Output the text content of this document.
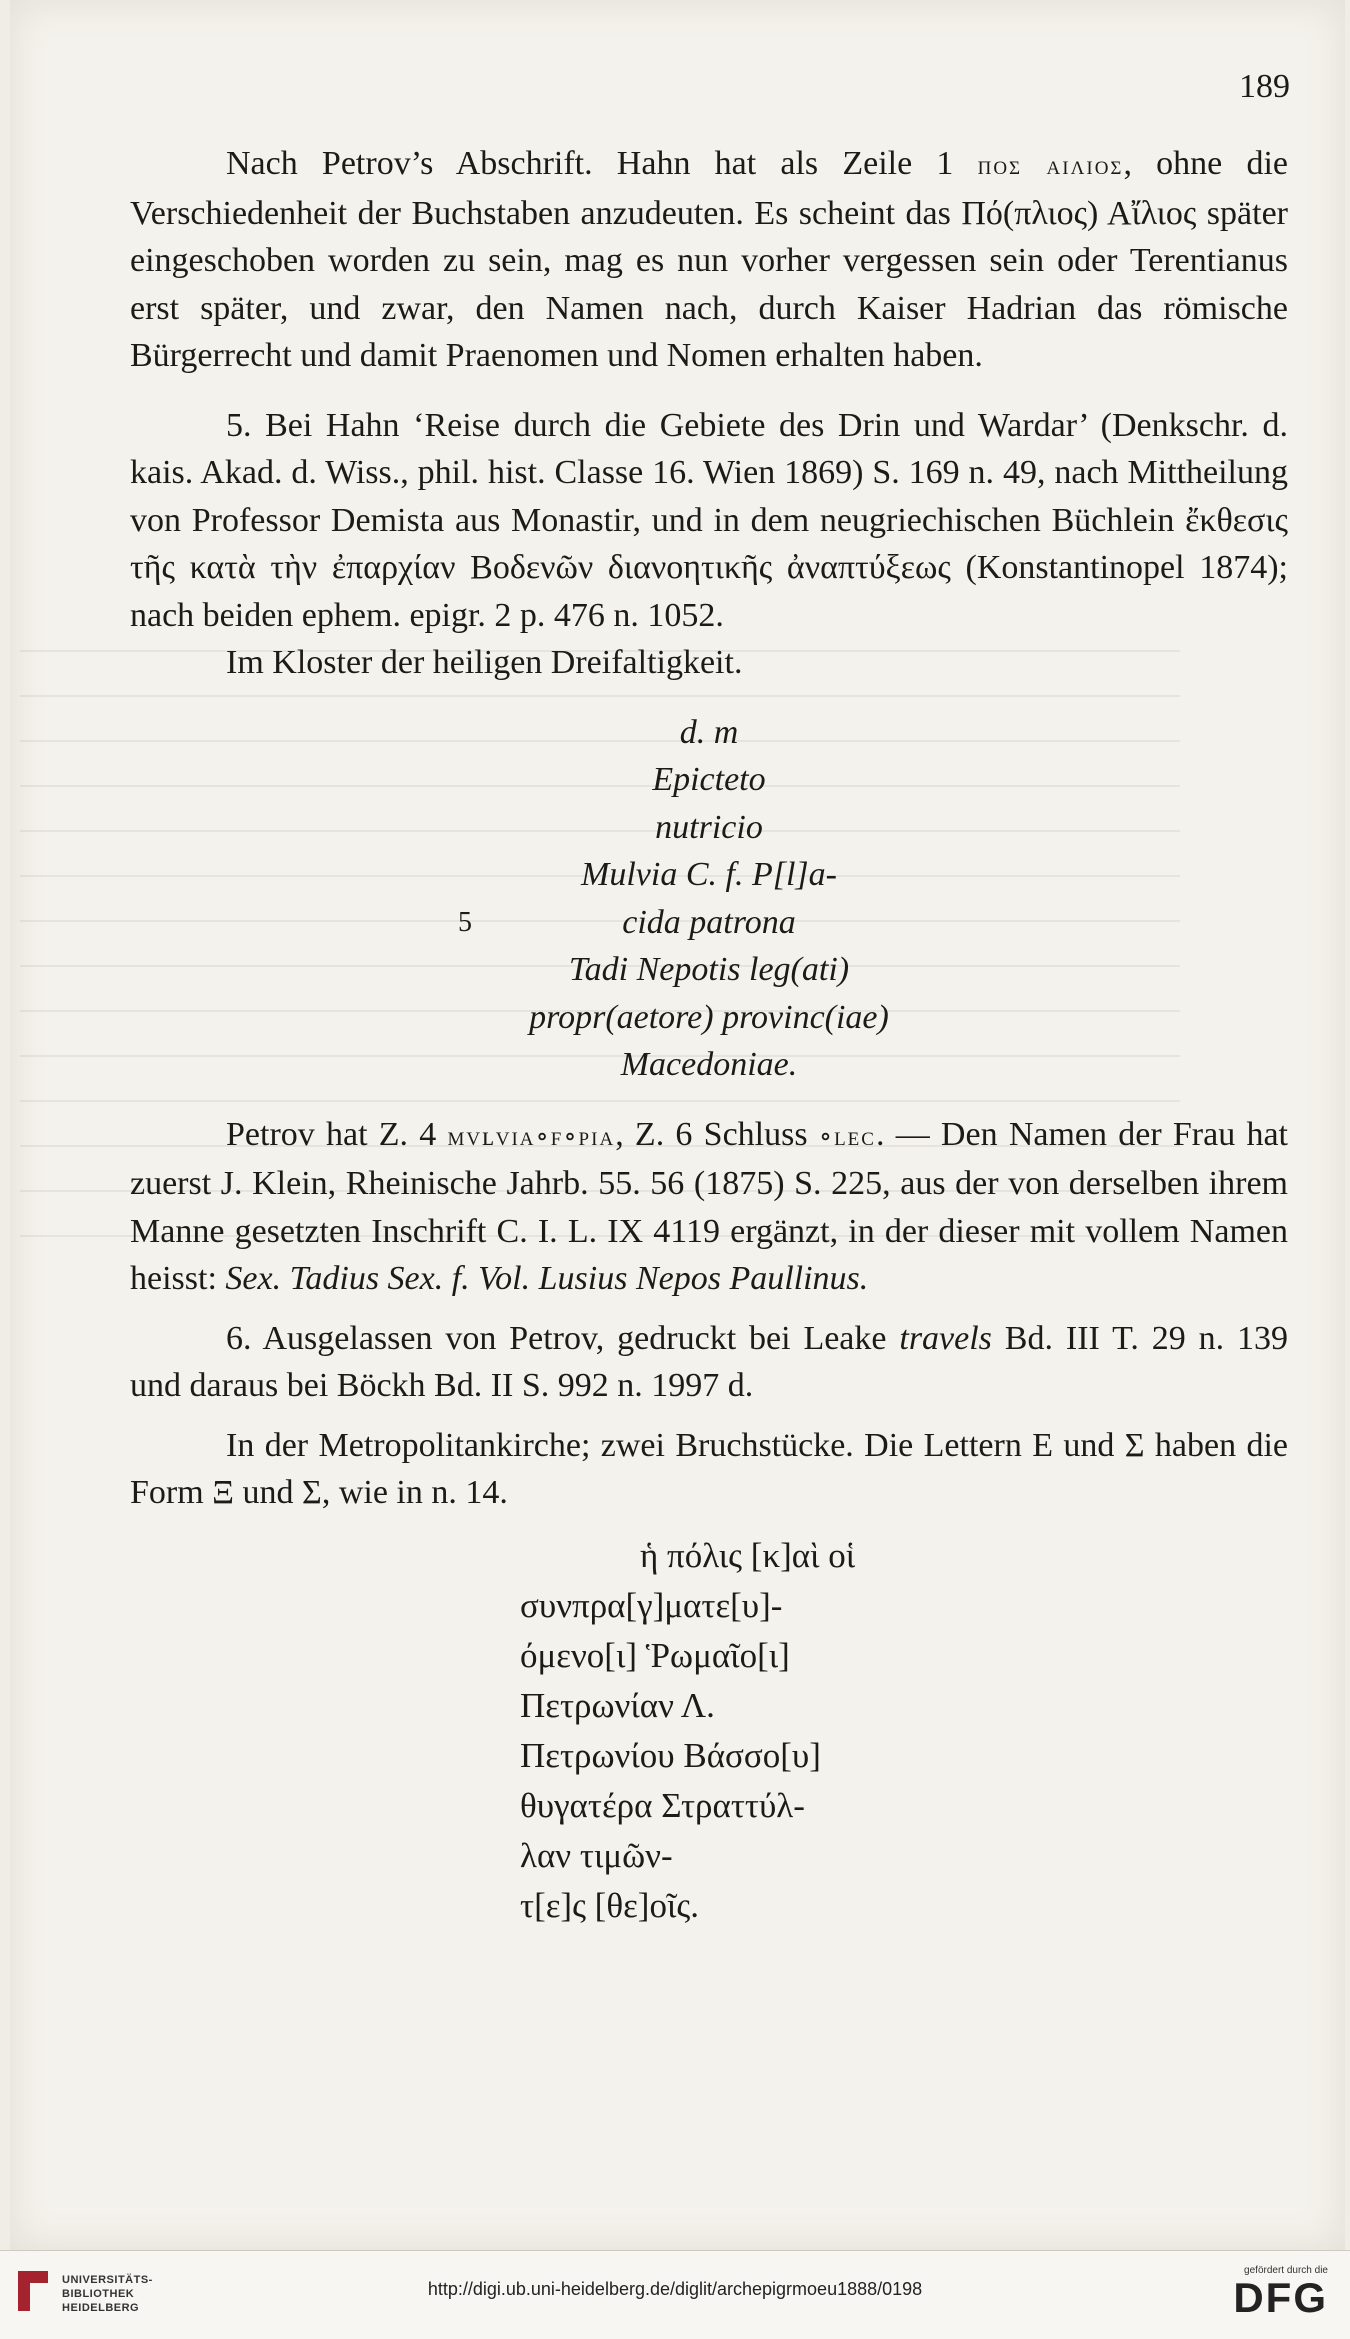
189

Nach Petrov’s Abschrift. Hahn hat als Zeile 1 ποσ αιλιοσ, ohne die Verschiedenheit der Buchstaben anzudeuten. Es scheint das Πό(πλιος) Αἴλιος später eingeschoben worden zu sein, mag es nun vorher vergessen sein oder Terentianus erst später, und zwar, den Namen nach, durch Kaiser Hadrian das römische Bürgerrecht und damit Praenomen und Nomen erhalten haben.

5. Bei Hahn ‘Reise durch die Gebiete des Drin und Wardar’ (Denkschr. d. kais. Akad. d. Wiss., phil. hist. Classe 16. Wien 1869) S. 169 n. 49, nach Mittheilung von Professor Demista aus Monastir, und in dem neugriechischen Büchlein ἔκθεσις τῆς κατὰ τὴν ἐπαρχίαν Βοδενῶν διανοητικῆς ἀναπτύξεως (Konstantinopel 1874); nach beiden ephem. epigr. 2 p. 476 n. 1052.

Im Kloster der heiligen Dreifaltigkeit.

d. m
Epicteto
nutricio
Mulvia C. f. P[l]a-
5	cida patrona
Tadi Nepotis leg(ati)
propr(aetore) provinc(iae)
Macedoniae.

Petrov hat Z. 4 mvʟvia∘f∘pia, Z. 6 Schluss ∘lec. — Den Namen der Frau hat zuerst J. Klein, Rheinische Jahrb. 55. 56 (1875) S. 225, aus der von derselben ihrem Manne gesetzten Inschrift C. I. L. IX 4119 ergänzt, in der dieser mit vollem Namen heisst: Sex. Tadius Sex. f. Vol. Lusius Nepos Paullinus.

6. Ausgelassen von Petrov, gedruckt bei Leake travels Bd. III T. 29 n. 139 und daraus bei Böckh Bd. II S. 992 n. 1997 d.

In der Metropolitankirche; zwei Bruchstücke. Die Lettern E und Σ haben die Form Ξ und Σ, wie in n. 14.

ἡ πόλις [κ]αὶ οἱ
συνπρα[γ]ματε[υ]-
όμενο[ι] Ῥωμαῖο[ι]
Πετρωνίαν Λ.
Πετρωνίου Βάσσο[υ]
θυγατέρα Στραττύλ-
λαν τιμῶν-
τ[ε]ς [θε]οῖς.
UNIVERSITÄTS-
BIBLIOTHEK
HEIDELBERG
http://digi.ub.uni-heidelberg.de/diglit/archepigrmoeu1888/0198
gefördert durch die
DFG
